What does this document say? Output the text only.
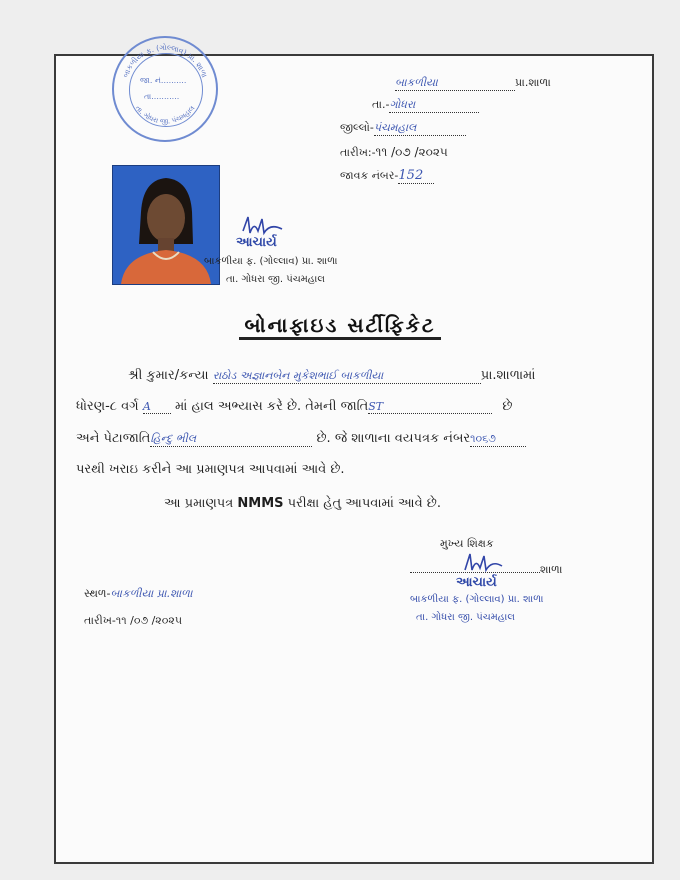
બાકળીયા ફ. (ગોલ્લાવ) પ્રા. શાળા
તા. ગોધરા જી. પંચમહાલ
જા. નં..........
તા...........
બાકળીયા	પ્રા.શાળા
તા.-ગોધરા
જીલ્લો-પંચમહાલ
તારીખ:-૧૧ /૦૭ /૨૦૨૫
જાવક નંબર-152
આચાર્ય
બાકળીયા ફ. (ગોલ્લાવ) પ્રા. શાળા
તા. ગોધરા જી. પંચમહાલ
બોનાફાઇડ સર્ટીફિકેટ
શ્રી કુમાર/કન્યા રાઠોડ અજ્ઞાનબેન મુકેશભાઈ બાકળીયા	પ્રા.શાળામાં
ધોરણ-૮ વર્ગ A માં હાલ અભ્યાસ કરે છે. તેમની જાતિST	છે
અને પેટાજાતિહિન્દુ ભીલ	છે. જે શાળાના વયપત્રક નંબર૧૦૬૭
પરથી ખરાઇ કરીને આ પ્રમાણપત્ર આપવામાં આવે છે.
આ પ્રમાણપત્ર NMMS પરીક્ષા હેતુ આપવામાં આવે છે.
મુખ્ય શિક્ષક
શાળા
આચાર્ય
બાકળીયા ફ. (ગોલ્લાવ) પ્રા. શાળા
તા. ગોધરા જી. પંચમહાલ
સ્થળ-બાકળીયા પ્રા.શાળા
તારીખ-૧૧ /૦૭ /૨૦૨૫
